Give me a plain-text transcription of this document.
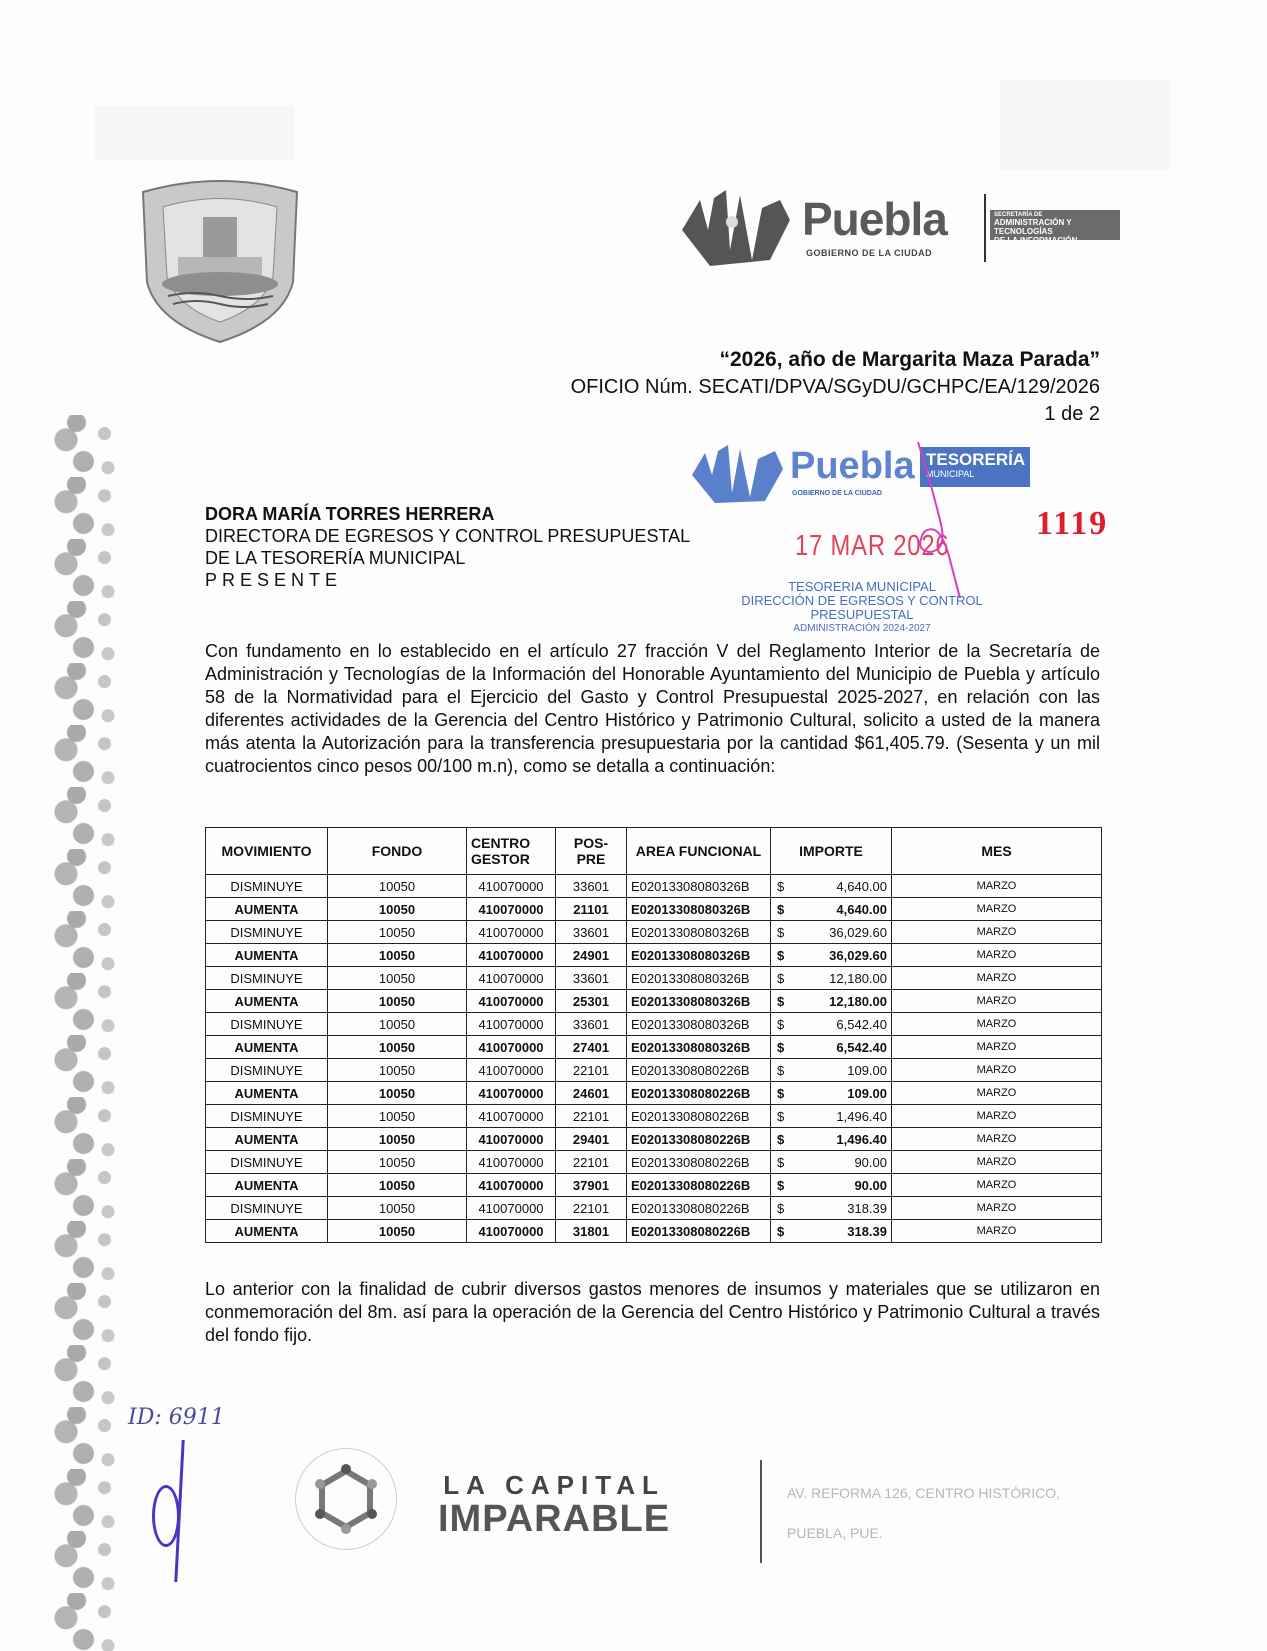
Puebla
GOBIERNO DE LA CIUDAD
SECRETARÍA DE
ADMINISTRACIÓN Y TECNOLOGÍAS
DE LA INFORMACIÓN
“2026, año de Margarita Maza Parada”
OFICIO Núm. SECATI/DPVA/SGyDU/GCHPC/EA/129/2026
1 de 2
Puebla
GOBIERNO DE LA CIUDAD
TESORERÍA
MUNICIPAL
17 MAR 2026
1119
TESORERIA MUNICIPAL
DIRECCIÓN DE EGRESOS Y CONTROL
PRESUPUESTAL
ADMINISTRACIÓN 2024-2027
DORA MARÍA TORRES HERRERA
DIRECTORA DE EGRESOS Y CONTROL PRESUPUESTAL
DE LA TESORERÍA MUNICIPAL
PRESENTE
Con fundamento en lo establecido en el artículo 27 fracción V del Reglamento Interior de la Secretaría de Administración y Tecnologías de la Información del Honorable Ayuntamiento del Municipio de Puebla y artículo 58 de la Normatividad para el Ejercicio del Gasto y Control Presupuestal 2025-2027, en relación con las diferentes actividades de la Gerencia del Centro Histórico y Patrimonio Cultural, solicito a usted de la manera más atenta la Autorización para la transferencia presupuestaria por la cantidad $61,405.79. (Sesenta y un mil cuatrocientos cinco pesos 00/100 m.n), como se detalla a continuación:
MOVIMIENTO	FONDO	CENTRO GESTOR	POS-PRE	AREA FUNCIONAL	IMPORTE	MES
DISMINUYE	10050	410070000	33601	E02013308080326B	$ 4,640.00	MARZO
AUMENTA	10050	410070000	21101	E02013308080326B	$ 4,640.00	MARZO
DISMINUYE	10050	410070000	33601	E02013308080326B	$ 36,029.60	MARZO
AUMENTA	10050	410070000	24901	E02013308080326B	$ 36,029.60	MARZO
DISMINUYE	10050	410070000	33601	E02013308080326B	$ 12,180.00	MARZO
AUMENTA	10050	410070000	25301	E02013308080326B	$ 12,180.00	MARZO
DISMINUYE	10050	410070000	33601	E02013308080326B	$ 6,542.40	MARZO
AUMENTA	10050	410070000	27401	E02013308080326B	$ 6,542.40	MARZO
DISMINUYE	10050	410070000	22101	E02013308080226B	$ 109.00	MARZO
AUMENTA	10050	410070000	24601	E02013308080226B	$ 109.00	MARZO
DISMINUYE	10050	410070000	22101	E02013308080226B	$ 1,496.40	MARZO
AUMENTA	10050	410070000	29401	E02013308080226B	$ 1,496.40	MARZO
DISMINUYE	10050	410070000	22101	E02013308080226B	$ 90.00	MARZO
AUMENTA	10050	410070000	37901	E02013308080226B	$ 90.00	MARZO
DISMINUYE	10050	410070000	22101	E02013308080226B	$ 318.39	MARZO
AUMENTA	10050	410070000	31801	E02013308080226B	$ 318.39	MARZO
Lo anterior con la finalidad de cubrir diversos gastos menores de insumos y materiales que se utilizaron en conmemoración del 8m. así para la operación de la Gerencia del Centro Histórico y Patrimonio Cultural a través del fondo fijo.
ID: 6911
LA CAPITAL
IMPARABLE
AV. REFORMA 126, CENTRO HISTÓRICO,
PUEBLA, PUE.
